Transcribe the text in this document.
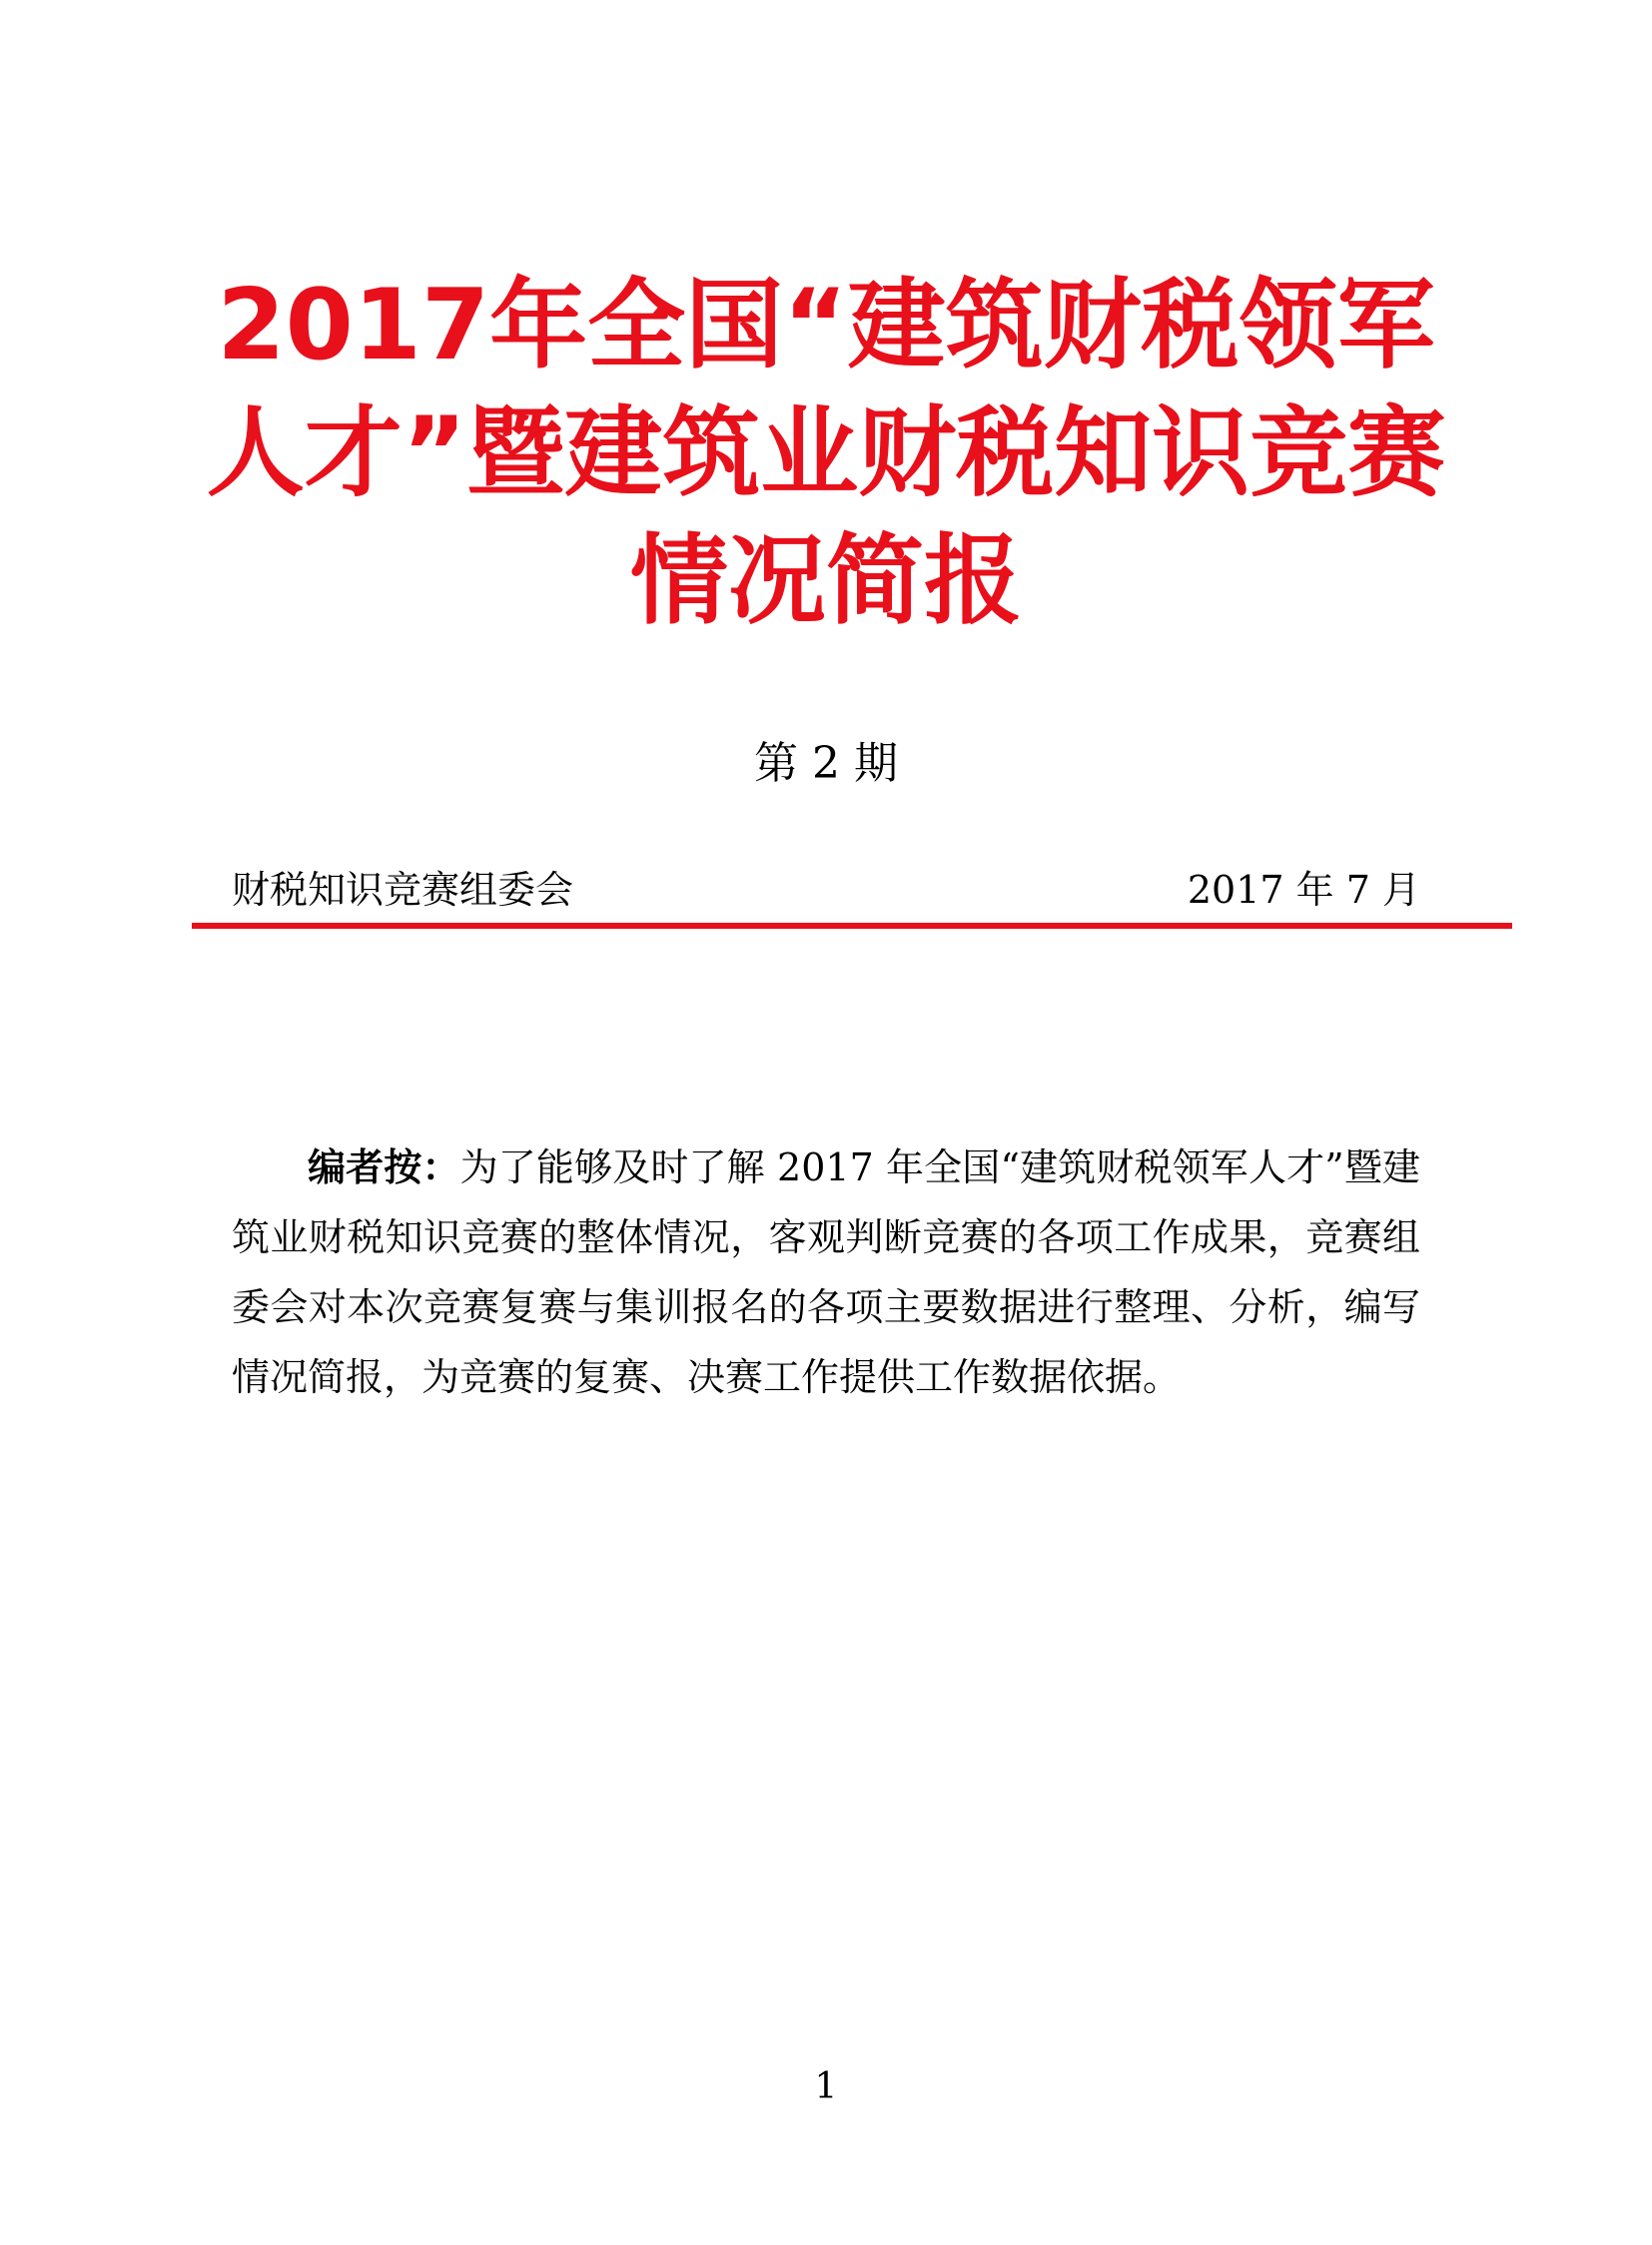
2017年全国“建筑财税领军
人才”暨建筑业财税知识竞赛
情况简报
第 2 期
财税知识竞赛组委会	2017 年 7 月

编者按：为了能够及时了解 2017 年全国“建筑财税领军人才”暨建筑业财税知识竞赛的整体情况，客观判断竞赛的各项工作成果，竞赛组委会对本次竞赛复赛与集训报名的各项主要数据进行整理、分析，编写情况简报，为竞赛的复赛、决赛工作提供工作数据依据。

1
